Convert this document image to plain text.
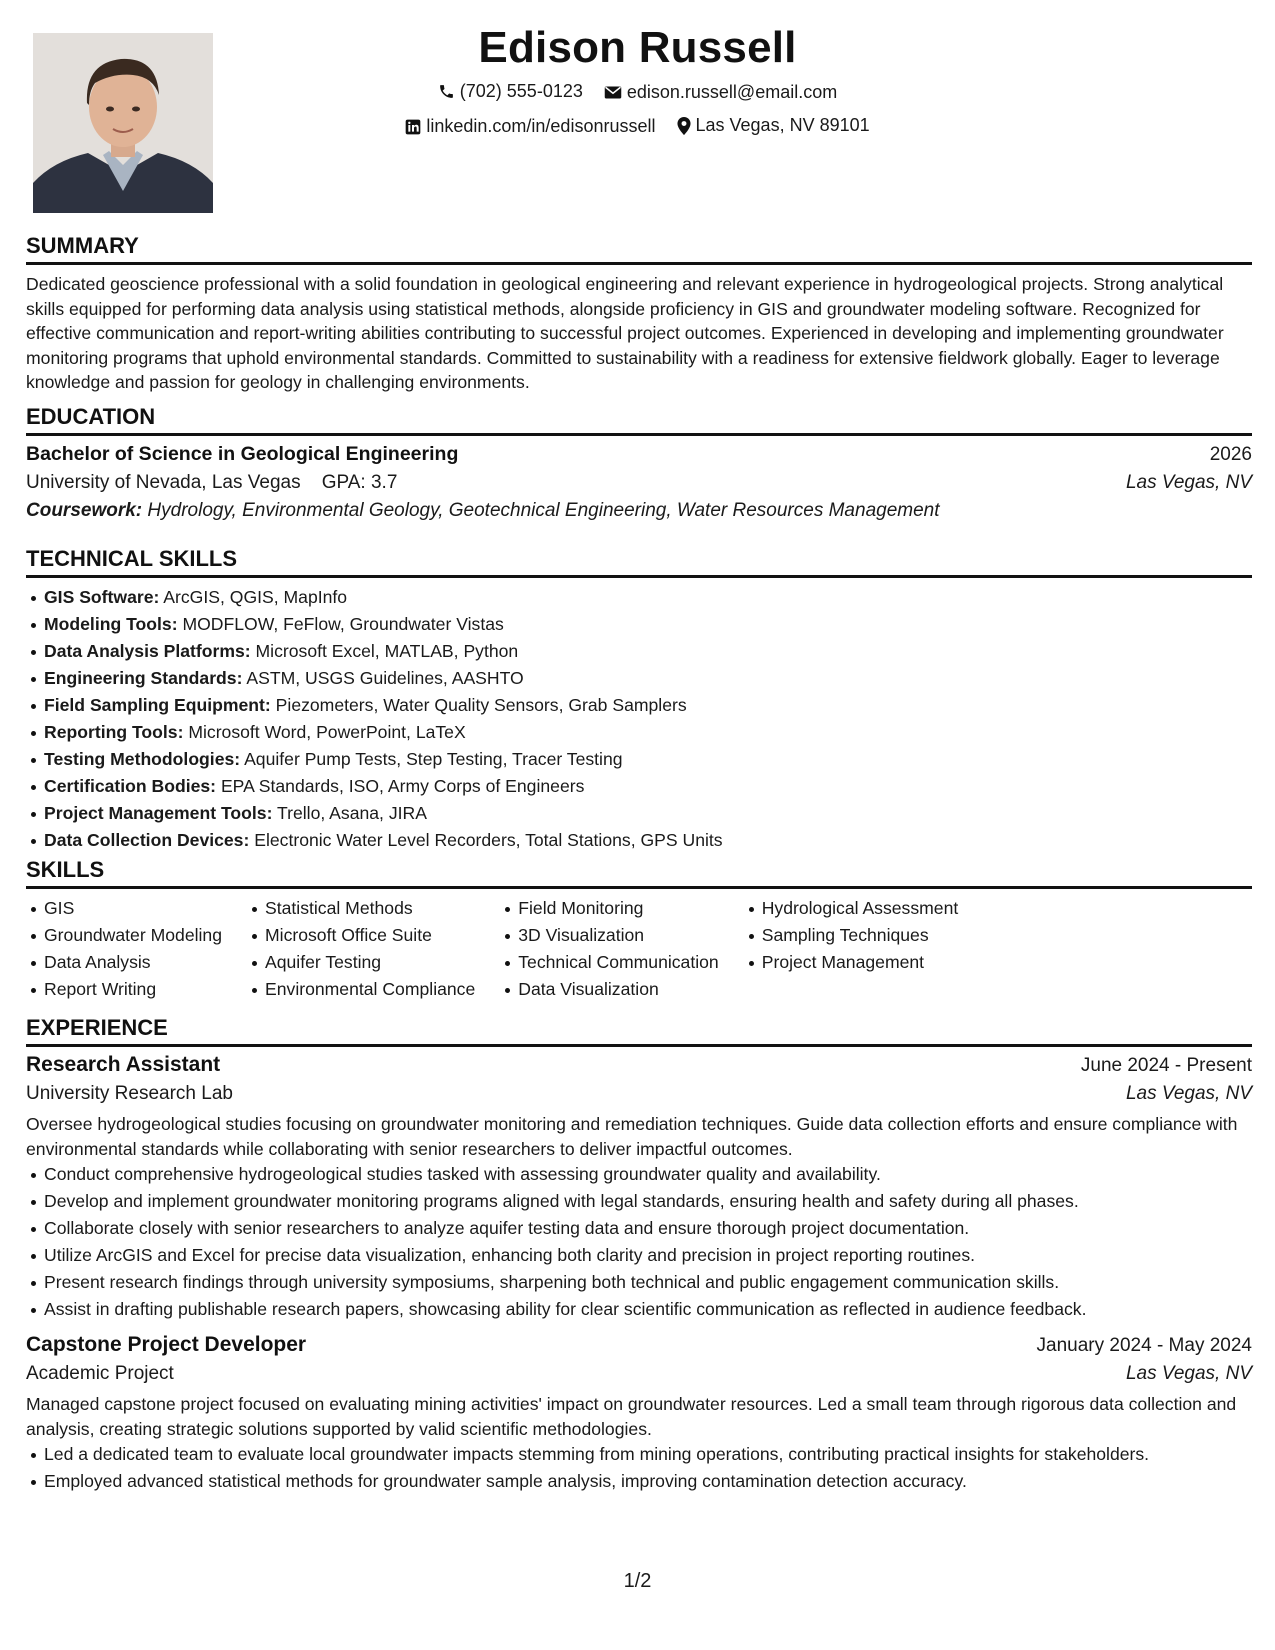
Edison Russell
(702) 555-0123
edison.russell@email.com
linkedin.com/in/edisonrussell
Las Vegas, NV 89101
SUMMARY

Dedicated geoscience professional with a solid foundation in geological engineering and relevant experience in hydrogeological projects. Strong analytical skills equipped for performing data analysis using statistical methods, alongside proficiency in GIS and groundwater modeling software. Recognized for effective communication and report-writing abilities contributing to successful project outcomes. Experienced in developing and implementing groundwater monitoring programs that uphold environmental standards. Committed to sustainability with a readiness for extensive fieldwork globally. Eager to leverage knowledge and passion for geology in challenging environments.

EDUCATION
Bachelor of Science in Geological Engineering	2026
University of Nevada, Las Vegas GPA: 3.7	Las Vegas, NV
Coursework: Hydrology, Environmental Geology, Geotechnical Engineering, Water Resources Management
TECHNICAL SKILLS
GIS Software: ArcGIS, QGIS, MapInfo
Modeling Tools: MODFLOW, FeFlow, Groundwater Vistas
Data Analysis Platforms: Microsoft Excel, MATLAB, Python
Engineering Standards: ASTM, USGS Guidelines, AASHTO
Field Sampling Equipment: Piezometers, Water Quality Sensors, Grab Samplers
Reporting Tools: Microsoft Word, PowerPoint, LaTeX
Testing Methodologies: Aquifer Pump Tests, Step Testing, Tracer Testing
Certification Bodies: EPA Standards, ISO, Army Corps of Engineers
Project Management Tools: Trello, Asana, JIRA
Data Collection Devices: Electronic Water Level Recorders, Total Stations, GPS Units
SKILLS
GIS
Groundwater Modeling
Data Analysis
Report Writing
Statistical Methods
Microsoft Office Suite
Aquifer Testing
Environmental Compliance
Field Monitoring
3D Visualization
Technical Communication
Data Visualization
Hydrological Assessment
Sampling Techniques
Project Management
EXPERIENCE
Research Assistant	June 2024 - Present
University Research Lab	Las Vegas, NV

Oversee hydrogeological studies focusing on groundwater monitoring and remediation techniques. Guide data collection efforts and ensure compliance with environmental standards while collaborating with senior researchers to deliver impactful outcomes.

Conduct comprehensive hydrogeological studies tasked with assessing groundwater quality and availability.
Develop and implement groundwater monitoring programs aligned with legal standards, ensuring health and safety during all phases.
Collaborate closely with senior researchers to analyze aquifer testing data and ensure thorough project documentation.
Utilize ArcGIS and Excel for precise data visualization, enhancing both clarity and precision in project reporting routines.
Present research findings through university symposiums, sharpening both technical and public engagement communication skills.
Assist in drafting publishable research papers, showcasing ability for clear scientific communication as reflected in audience feedback.
Capstone Project Developer	January 2024 - May 2024
Academic Project	Las Vegas, NV

Managed capstone project focused on evaluating mining activities' impact on groundwater resources. Led a small team through rigorous data collection and analysis, creating strategic solutions supported by valid scientific methodologies.

Led a dedicated team to evaluate local groundwater impacts stemming from mining operations, contributing practical insights for stakeholders.
Employed advanced statistical methods for groundwater sample analysis, improving contamination detection accuracy.
1/2
